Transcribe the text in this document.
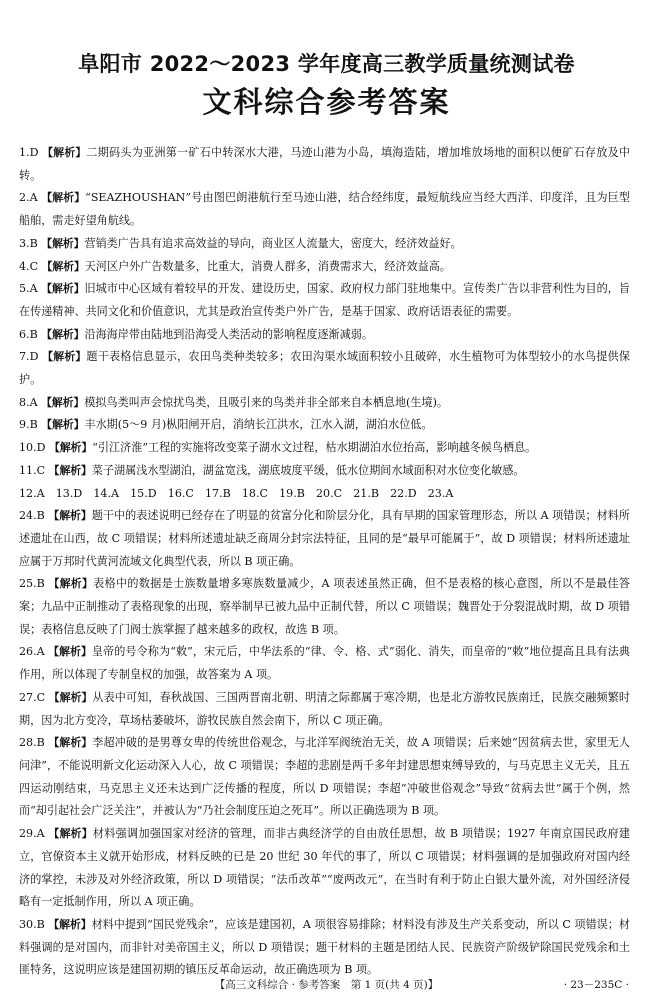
阜阳市 2022～2023 学年度高三教学质量统测试卷
文科综合参考答案

1.D 【解析】二期码头为亚洲第一矿石中转深水大港，马迹山港为小岛，填海造陆，增加堆放场地的面积以便矿石存放及中转。

2.A 【解析】“SEAZHOUSHAN”号由图巴朗港航行至马迹山港，结合经纬度，最短航线应当经大西洋、印度洋，且为巨型船舶，需走好望角航线。

3.B 【解析】营销类广告具有追求高效益的导向，商业区人流量大，密度大，经济效益好。

4.C 【解析】天河区户外广告数量多，比重大，消费人群多，消费需求大，经济效益高。

5.A 【解析】旧城市中心区域有着较早的开发、建设历史，国家、政府权力部门驻地集中。宣传类广告以非营利性为目的，旨在传递精神、共同文化和价值意识，尤其是政治宣传类户外广告，是基于国家、政府话语表征的需要。

6.B 【解析】沿海海岸带由陆地到沿海受人类活动的影响程度逐渐减弱。

7.D 【解析】题干表格信息显示，农田鸟类种类较多；农田沟渠水域面积较小且破碎，水生植物可为体型较小的水鸟提供保护。

8.A 【解析】模拟鸟类叫声会惊扰鸟类，且吸引来的鸟类并非全部来自本栖息地(生境)。

9.B 【解析】丰水期(5～9 月)枞阳闸开启，消纳长江洪水，江水入湖，湖泊水位低。

10.D 【解析】“引江济淮”工程的实施将改变菜子湖水文过程，枯水期湖泊水位抬高，影响越冬候鸟栖息。

11.C 【解析】菜子湖属浅水型湖泊，湖盆宽浅，湖底坡度平缓，低水位期间水域面积对水位变化敏感。

12.A　13.D　14.A　15.D　16.C　17.B　18.C　19.B　20.C　21.B　22.D　23.A

24.B 【解析】题干中的表述说明已经存在了明显的贫富分化和阶层分化，具有早期的国家管理形态，所以 A 项错误；材料所述遗址在山西，故 C 项错误；材料所述遗址缺乏商周分封宗法特征，且同的是“最早可能属于”，故 D 项错误；材料所述遗址应属于万邦时代黄河流域文化典型代表，所以 B 项正确。

25.B 【解析】表格中的数据是士族数量增多寒族数量减少，A 项表述虽然正确，但不是表格的核心意图，所以不是最佳答案；九品中正制推动了表格现象的出现，察举制早已被九品中正制代替，所以 C 项错误；魏晋处于分裂混战时期，故 D 项错误；表格信息反映了门阀士族掌握了越来越多的政权，故选 B 项。

26.A 【解析】皇帝的号令称为“敕”，宋元后，中华法系的“律、令、格、式”弱化、消失，而皇帝的“敕”地位提高且具有法典作用，所以体现了专制皇权的加强，故答案为 A 项。

27.C 【解析】从表中可知，春秋战国、三国两晋南北朝、明清之际都属于寒冷期，也是北方游牧民族南迁，民族交融频繁时期，因为北方变冷，草场枯萎破坏，游牧民族自然会南下，所以 C 项正确。

28.B 【解析】李超冲破的是男尊女卑的传统世俗观念，与北洋军阀统治无关，故 A 项错误；后来她“因贫病去世，家里无人问津”，不能说明新文化运动深入人心，故 C 项错误；李超的悲剧是两千多年封建思想束缚导致的，与马克思主义无关，且五四运动刚结束，马克思主义还未达到广泛传播的程度，所以 D 项错误；李超“冲破世俗观念”导致“贫病去世”属于个例，然而“却引起社会广泛关注”，并被认为“乃社会制度压迫之死耳”。所以正确选项为 B 项。

29.A 【解析】材料强调加强国家对经济的管理，而非古典经济学的自由放任思想，故 B 项错误；1927 年南京国民政府建立，官僚资本主义就开始形成，材料反映的已是 20 世纪 30 年代的事了，所以 C 项错误；材料强调的是加强政府对国内经济的掌控，未涉及对外经济政策，所以 D 项错误；“法币改革”“废两改元”，在当时有利于防止白银大量外流，对外国经济侵略有一定抵制作用，所以 A 项正确。

30.B 【解析】材料中提到“国民党残余”，应该是建国初，A 项很容易排除；材料没有涉及生产关系变动，所以 C 项错误；材料强调的是对国内，而非针对美帝国主义，所以 D 项错误；题干材料的主题是团结人民、民族资产阶级铲除国民党残余和土匪特务，这说明应该是建国初期的镇压反革命运动，故正确选项为 B 项。

【高三文科综合 · 参考答案　第 1 页(共 4 页)】	· 23－235C ·
